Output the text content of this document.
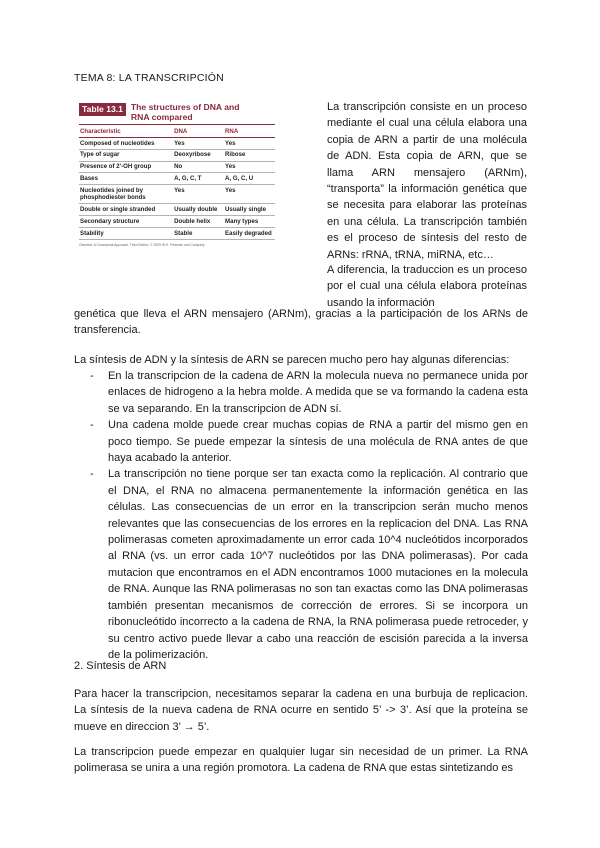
TEMA 8: LA TRANSCRIPCIÓN
Table 13.1 The structures of DNA and RNA compared
Characteristic	DNA	RNA
Composed of nucleotides	Yes	Yes
Type of sugar	Deoxyribose	Ribose
Presence of 2'-OH group	No	Yes
Bases	A, G, C, T	A, G, C, U
Nucleotides joined by phosphodiester bonds	Yes	Yes
Double or single stranded	Usually double	Usually single
Secondary structure	Double helix	Many types
Stability	Stable	Easily degraded
Genetics: A Conceptual Approach, Third Edition. © 2009 W.H. Freeman and Company
La transcripción consiste en un proceso mediante el cual una célula elabora una copia de ARN a partir de una molécula de ADN. Esta copia de ARN, que se llama ARN mensajero (ARNm), “transporta” la información genética que se necesita para elaborar las proteínas en una célula. La transcripción también es el proceso de síntesis del resto de ARNs: rRNA, tRNA, miRNA, etc…
A diferencia, la traduccion es un proceso por el cual una célula elabora proteínas usando la información
genética que lleva el ARN mensajero (ARNm), gracias a la participación de los ARNs de transferencia.
La síntesis de ADN y la síntesis de ARN se parecen mucho pero hay algunas diferencias:
- En la transcripcion de la cadena de ARN la molecula nueva no permanece unida por enlaces de hidrogeno a la hebra molde. A medida que se va formando la cadena esta se va separando. En la transcripcion de ADN sí.
- Una cadena molde puede crear muchas copias de RNA a partir del mismo gen en poco tiempo. Se puede empezar la síntesis de una molécula de RNA antes de que haya acabado la anterior.
- La transcripción no tiene porque ser tan exacta como la replicación. Al contrario que el DNA, el RNA no almacena permanentemente la información genética en las células. Las consecuencias de un error en la transcripcion serán mucho menos relevantes que las consecuencias de los errores en la replicacion del DNA. Las RNA polimerasas cometen aproximadamente un error cada 10^4 nucleótidos incorporados al RNA (vs. un error cada 10^7 nucleótidos por las DNA polimerasas). Por cada mutacion que encontramos en el ADN encontramos 1000 mutaciones en la molecula de RNA. Aunque las RNA polimerasas no son tan exactas como las DNA polimerasas también presentan mecanismos de corrección de errores. Si se incorpora un ribonucleótido incorrecto a la cadena de RNA, la RNA polimerasa puede retroceder, y su centro activo puede llevar a cabo una reacción de escisión parecida a la inversa de la polimerización.
2. Síntesis de ARN
Para hacer la transcripcion, necesitamos separar la cadena en una burbuja de replicacion. La síntesis de la nueva cadena de RNA ocurre en sentido 5’ -> 3’. Así que la proteína se mueve en direccion 3’ → 5’.
La transcripcion puede empezar en qualquier lugar sin necesidad de un primer. La RNA polimerasa se unira a una región promotora. La cadena de RNA que estas sintetizando es
